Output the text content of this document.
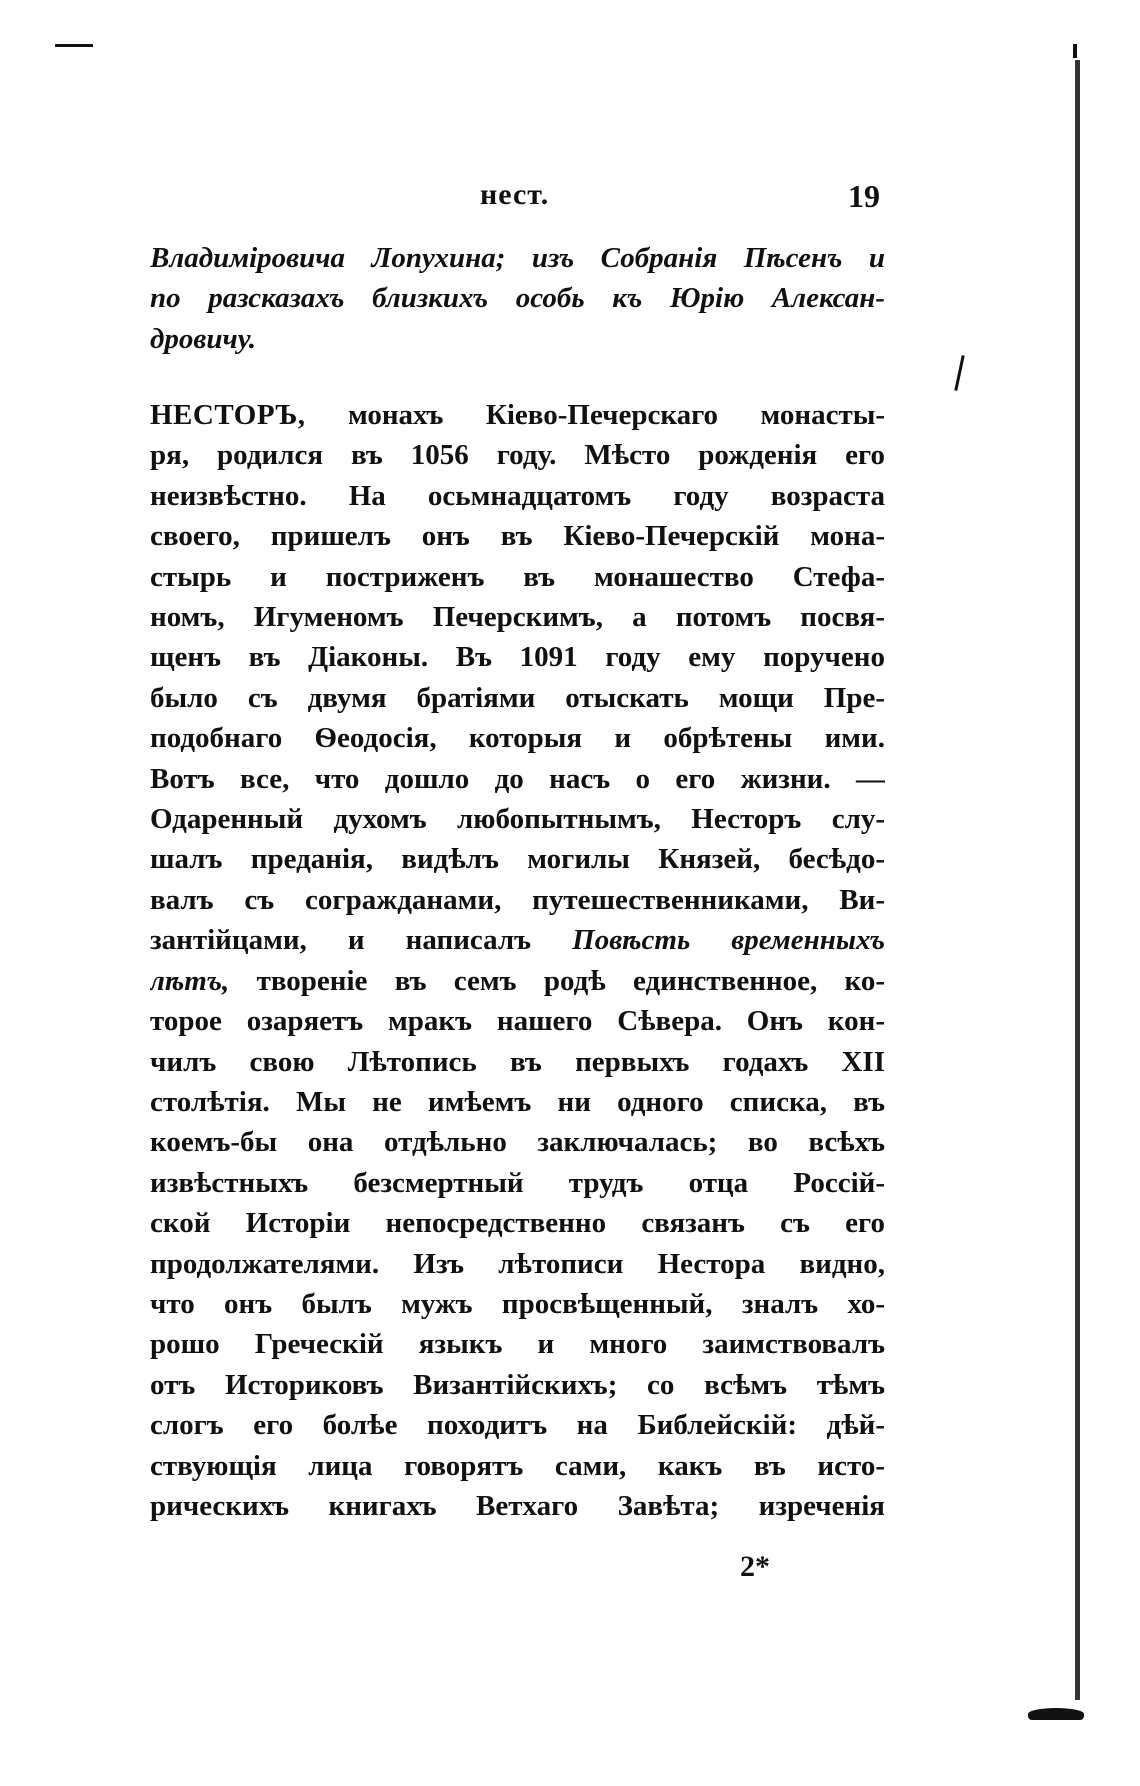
нест.	19
Владимiровича Лопухина; изъ Собранiя Пѣсенъ и
по разсказахъ близкихъ особь къ Юрiю Алексан-
дровичу.
НЕСТОРЪ, монахъ Кiево-Печерскаго монасты-
ря, родился въ 1056 году. Мѣсто рожденiя его
неизвѣстно. На осьмнадцатомъ году возраста
своего, пришелъ онъ въ Кiево-Печерскiй мона-
стырь и постриженъ въ монашество Стефа-
номъ, Игуменомъ Печерскимъ, а потомъ посвя-
щенъ въ Дiаконы. Въ 1091 году ему поручено
было съ двумя братiями отыскать мощи Пре-
подобнаго Ѳеодосiя, которыя и обрѣтены ими.
Вотъ все, что дошло до насъ о его жизни. —
Одаренный духомъ любопытнымъ, Несторъ слу-
шалъ преданiя, видѣлъ могилы Князей, бесѣдо-
валъ съ согражданами, путешественниками, Ви-
зантiйцами, и написалъ Повѣсть временныхъ
лѣтъ, твоpенiе въ семъ родѣ единственное, ко-
торое озаряетъ мракъ нашего Сѣвера. Онъ кон-
чилъ свою Лѣтопись въ первыхъ годахъ XII
столѣтiя. Мы не имѣемъ ни одного списка, въ
коемъ-бы она отдѣльно заключалась; во всѣхъ
извѣстныхъ безсмертный трудъ отца Россiй-
ской Исторiи непосредственно связанъ съ его
продолжателями. Изъ лѣтописи Нестора видно,
что онъ былъ мужъ просвѣщенный, зналъ хо-
рошо Греческiй языкъ и много заимствовалъ
отъ Историковъ Византiйскихъ; со всѣмъ тѣмъ
слогъ его болѣе походитъ на Библейскiй: дѣй-
ствующiя лица говорятъ сами, какъ въ исто-
рическихъ книгахъ Ветхаго Завѣта; изреченiя
2*
